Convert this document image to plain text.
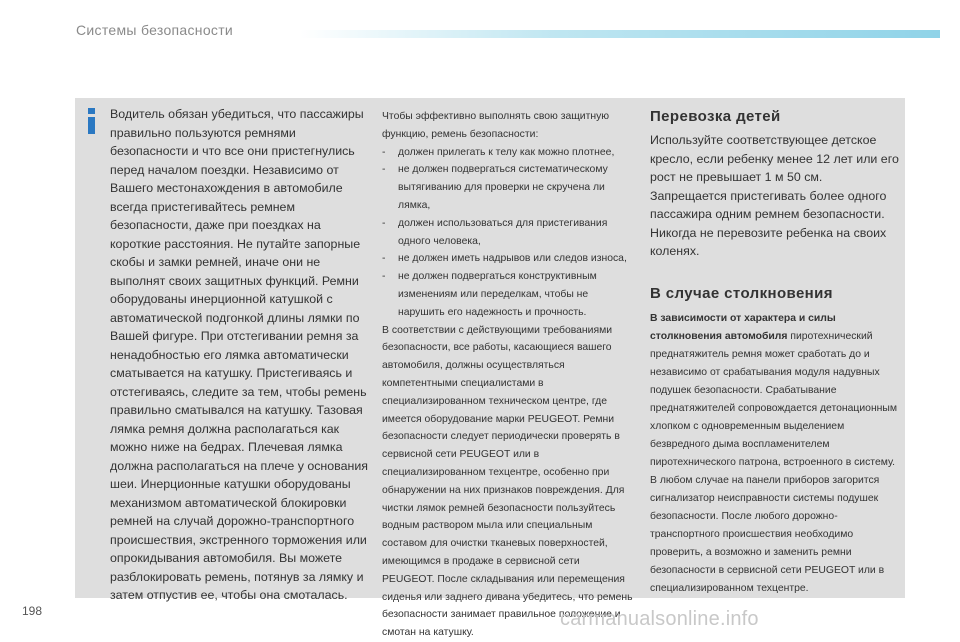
Системы безопасности
Водитель обязан убедиться, что пассажиры правильно пользуются ремнями безопасности и что все они пристегнулись перед началом поездки. Независимо от Вашего местонахождения в автомобиле всегда пристегивайтесь ремнем безопасности, даже при поездках на короткие расстояния. Не путайте запорные скобы и замки ремней, иначе они не выполнят своих защитных функций. Ремни оборудованы инерционной катушкой с автоматической подгонкой длины лямки по Вашей фигуре. При отстегивании ремня за ненадобностью его лямка автоматически сматывается на катушку. Пристегиваясь и отстегиваясь, следите за тем, чтобы ремень правильно сматывался на катушку. Тазовая лямка ремня должна располагаться как можно ниже на бедрах. Плечевая лямка должна располагаться на плече у основания шеи. Инерционные катушки оборудованы механизмом автоматической блокировки ремней на случай дорожно-транспортного происшествия, экстренного торможения или опрокидывания автомобиля. Вы можете разблокировать ремень, потянув за лямку и затем отпустив ее, чтобы она смоталась.
Чтобы эффективно выполнять свою защитную функцию, ремень безопасности:
-	должен прилегать к телу как можно плотнее,
-	не должен подвергаться систематическому вытягиванию для проверки не скручена ли лямка,
-	должен использоваться для пристегивания одного человека,
-	не должен иметь надрывов или следов износа,
-	не должен подвергаться конструктивным изменениям или переделкам, чтобы не нарушить его надежность и прочность.
В соответствии с действующими требованиями безопасности, все работы, касающиеся вашего автомобиля, должны осуществляться компетентными специалистами в специализированном техническом центре, где имеется оборудование марки PEUGEOT. Ремни безопасности следует периодически проверять в сервисной сети PEUGEOT или в специализированном техцентре, особенно при обнаружении на них признаков повреждения. Для чистки лямок ремней безопасности пользуйтесь водным раствором мыла или специальным составом для очистки тканевых поверхностей, имеющимся в продаже в сервисной сети PEUGEOT. После складывания или перемещения сиденья или заднего дивана убедитесь, что ремень безопасности занимает правильное положение и смотан на катушку.
Перевозка детей

Используйте соответствующее детское кресло, если ребенку менее 12 лет или его рост не превышает 1 м 50 см. Запрещается пристегивать более одного пассажира одним ремнем безопасности. Никогда не перевозите ребенка на своих коленях.

В случае столкновения

В зависимости от характера и силы столкновения автомобиля пиротехнический преднатяжитель ремня может сработать до и независимо от срабатывания модуля надувных подушек безопасности. Срабатывание преднатяжителей сопровождается детонационным хлопком с одновременным выделением безвредного дыма воспламенителем пиротехнического патрона, встроенного в систему. В любом случае на панели приборов загорится сигнализатор неисправности системы подушек безопасности. После любого дорожно-транспортного происшествия необходимо проверить, а возможно и заменить ремни безопасности в сервисной сети PEUGEOT или в специализированном техцентре.

198	carmanualsonline.info
